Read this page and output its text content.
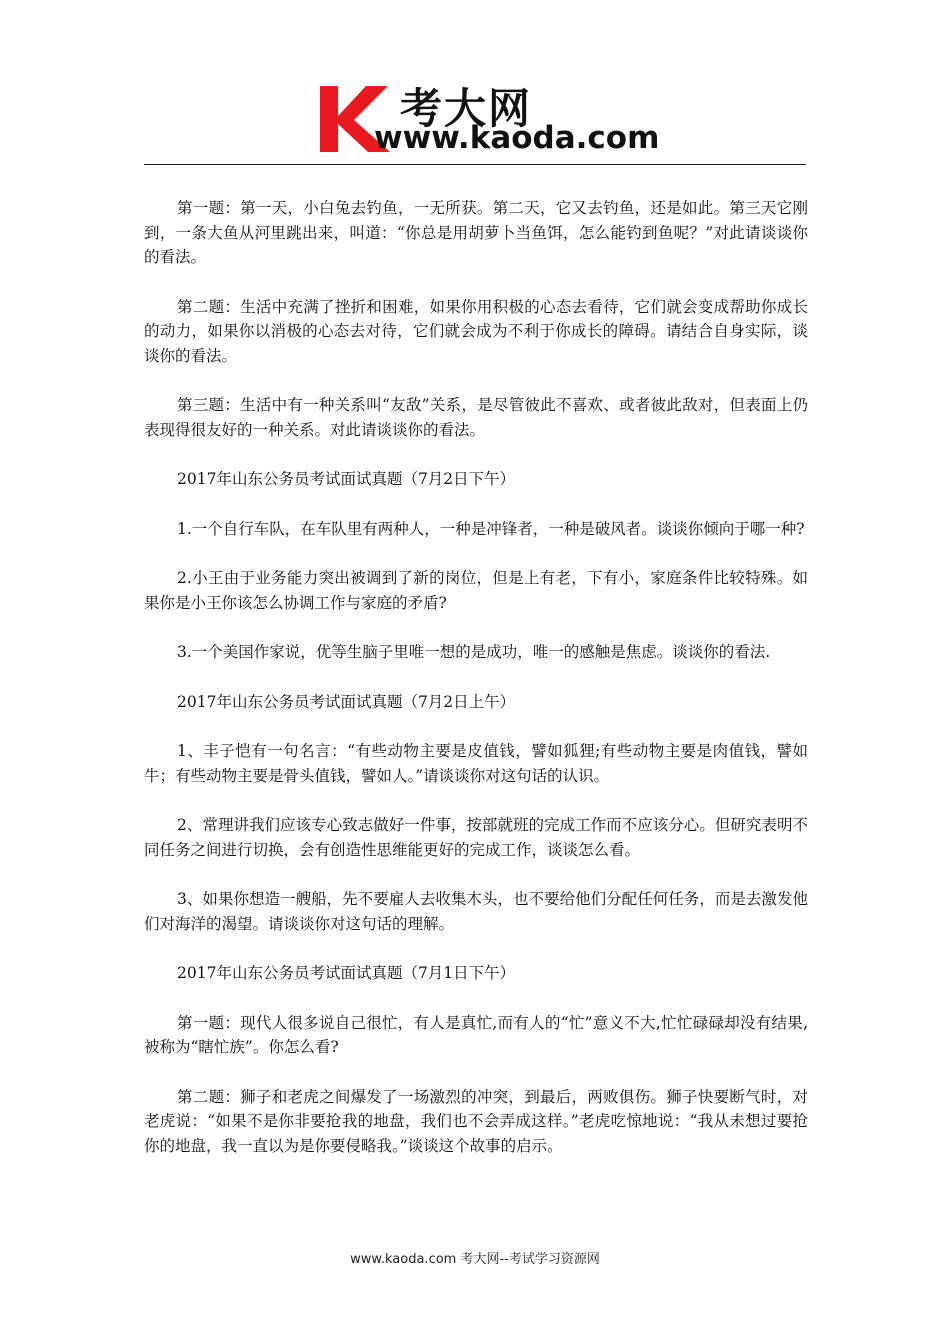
考大网
www.kaoda.com

第一题：第一天，小白兔去钓鱼，一无所获。第二天，它又去钓鱼，还是如此。第三天它刚到，一条大鱼从河里跳出来，叫道：“你总是用胡萝卜当鱼饵，怎么能钓到鱼呢？”对此请谈谈你的看法。

第二题：生活中充满了挫折和困难，如果你用积极的心态去看待，它们就会变成帮助你成长的动力，如果你以消极的心态去对待，它们就会成为不利于你成长的障碍。请结合自身实际，谈谈你的看法。

第三题：生活中有一种关系叫“友敌”关系，是尽管彼此不喜欢、或者彼此敌对，但表面上仍表现得很友好的一种关系。对此请谈谈你的看法。

2017年山东公务员考试面试真题（7月2日下午）

1.一个自行车队，在车队里有两种人，一种是冲锋者，一种是破风者。谈谈你倾向于哪一种?

2.小王由于业务能力突出被调到了新的岗位，但是上有老，下有小，家庭条件比较特殊。如果你是小王你该怎么协调工作与家庭的矛盾?

3.一个美国作家说，优等生脑子里唯一想的是成功，唯一的感触是焦虑。谈谈你的看法.

2017年山东公务员考试面试真题（7月2日上午）

1、丰子恺有一句名言：“有些动物主要是皮值钱，譬如狐狸;有些动物主要是肉值钱，譬如牛；有些动物主要是骨头值钱，譬如人。”请谈谈你对这句话的认识。

2、常理讲我们应该专心致志做好一件事，按部就班的完成工作而不应该分心。但研究表明不同任务之间进行切换，会有创造性思维能更好的完成工作，谈谈怎么看。

3、如果你想造一艘船，先不要雇人去收集木头，也不要给他们分配任何任务，而是去激发他们对海洋的渴望。请谈谈你对这句话的理解。

2017年山东公务员考试面试真题（7月1日下午）

第一题：现代人很多说自己很忙，有人是真忙,而有人的“忙”意义不大,忙忙碌碌却没有结果,被称为“瞎忙族”。你怎么看?

第二题：狮子和老虎之间爆发了一场激烈的冲突，到最后，两败俱伤。狮子快要断气时，对老虎说：“如果不是你非要抢我的地盘，我们也不会弄成这样。”老虎吃惊地说：“我从未想过要抢你的地盘，我一直以为是你要侵略我。”谈谈这个故事的启示。

www.kaoda.com 考大网--考试学习资源网
